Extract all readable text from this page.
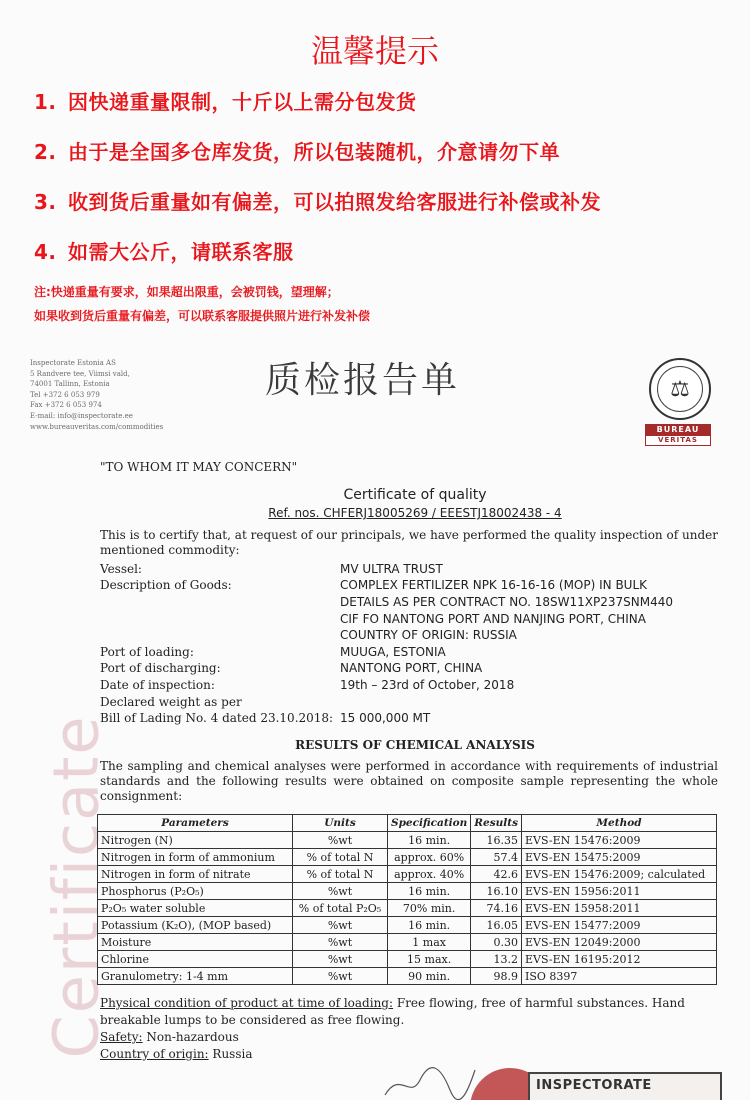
Certificate
温馨提示
1. 因快递重量限制，十斤以上需分包发货
2. 由于是全国多仓库发货，所以包装随机，介意请勿下单
3. 收到货后重量如有偏差，可以拍照发给客服进行补偿或补发
4. 如需大公斤，请联系客服
注:快递重量有要求，如果超出限重，会被罚钱，望理解；
如果收到货后重量有偏差，可以联系客服提供照片进行补发补偿
Inspectorate Estonia AS
5 Randvere tee, Viimsi vald,
74001 Tallinn, Estonia
Tel +372 6 053 979
Fax +372 6 053 974
E-mail: info@inspectorate.ee
www.bureauveritas.com/commodities
质检报告单	⚖
BUREAU
VERITAS
"TO WHOM IT MAY CONCERN"
Certificate of quality
Ref. nos. CHFERJ18005269 / EEESTJ18002438 - 4
This is to certify that, at request of our principals, we have performed the quality inspection of under mentioned commodity:
Vessel:	MV ULTRA TRUST
Description of Goods:	COMPLEX FERTILIZER NPK 16-16-16 (MOP) IN BULK
DETAILS AS PER CONTRACT NO. 18SW11XP237SNM440
CIF FO NANTONG PORT AND NANJING PORT, CHINA
COUNTRY OF ORIGIN: RUSSIA
Port of loading:	MUUGA, ESTONIA
Port of discharging:	NANTONG PORT, CHINA
Date of inspection:	19th – 23rd of October, 2018
Declared weight as per
Bill of Lading No. 4 dated 23.10.2018: 15 000,000 MT
RESULTS OF CHEMICAL ANALYSIS
The sampling and chemical analyses were performed in accordance with requirements of industrial standards and the following results were obtained on composite sample representing the whole consignment:
Parameters	Units	Specification	Results	Method
Nitrogen (N)	%wt	16 min.	16.35	EVS-EN 15476:2009
Nitrogen in form of ammonium	% of total N	approx. 60%	57.4	EVS-EN 15475:2009
Nitrogen in form of nitrate	% of total N	approx. 40%	42.6	EVS-EN 15476:2009; calculated
Phosphorus (P₂O₅)	%wt	16 min.	16.10	EVS-EN 15956:2011
P₂O₅ water soluble	% of total P₂O₅	70% min.	74.16	EVS-EN 15958:2011
Potassium (K₂O), (MOP based)	%wt	16 min.	16.05	EVS-EN 15477:2009
Moisture	%wt	1 max	0.30	EVS-EN 12049:2000
Chlorine	%wt	15 max.	13.2	EVS-EN 16195:2012
Granulometry: 1-4 mm	%wt	90 min.	98.9	ISO 8397
Physical condition of product at time of loading: Free flowing, free of harmful substances. Hand breakable lumps to be considered as free flowing.
Safety: Non-hazardous
Country of origin: Russia
INSPECTORATE
